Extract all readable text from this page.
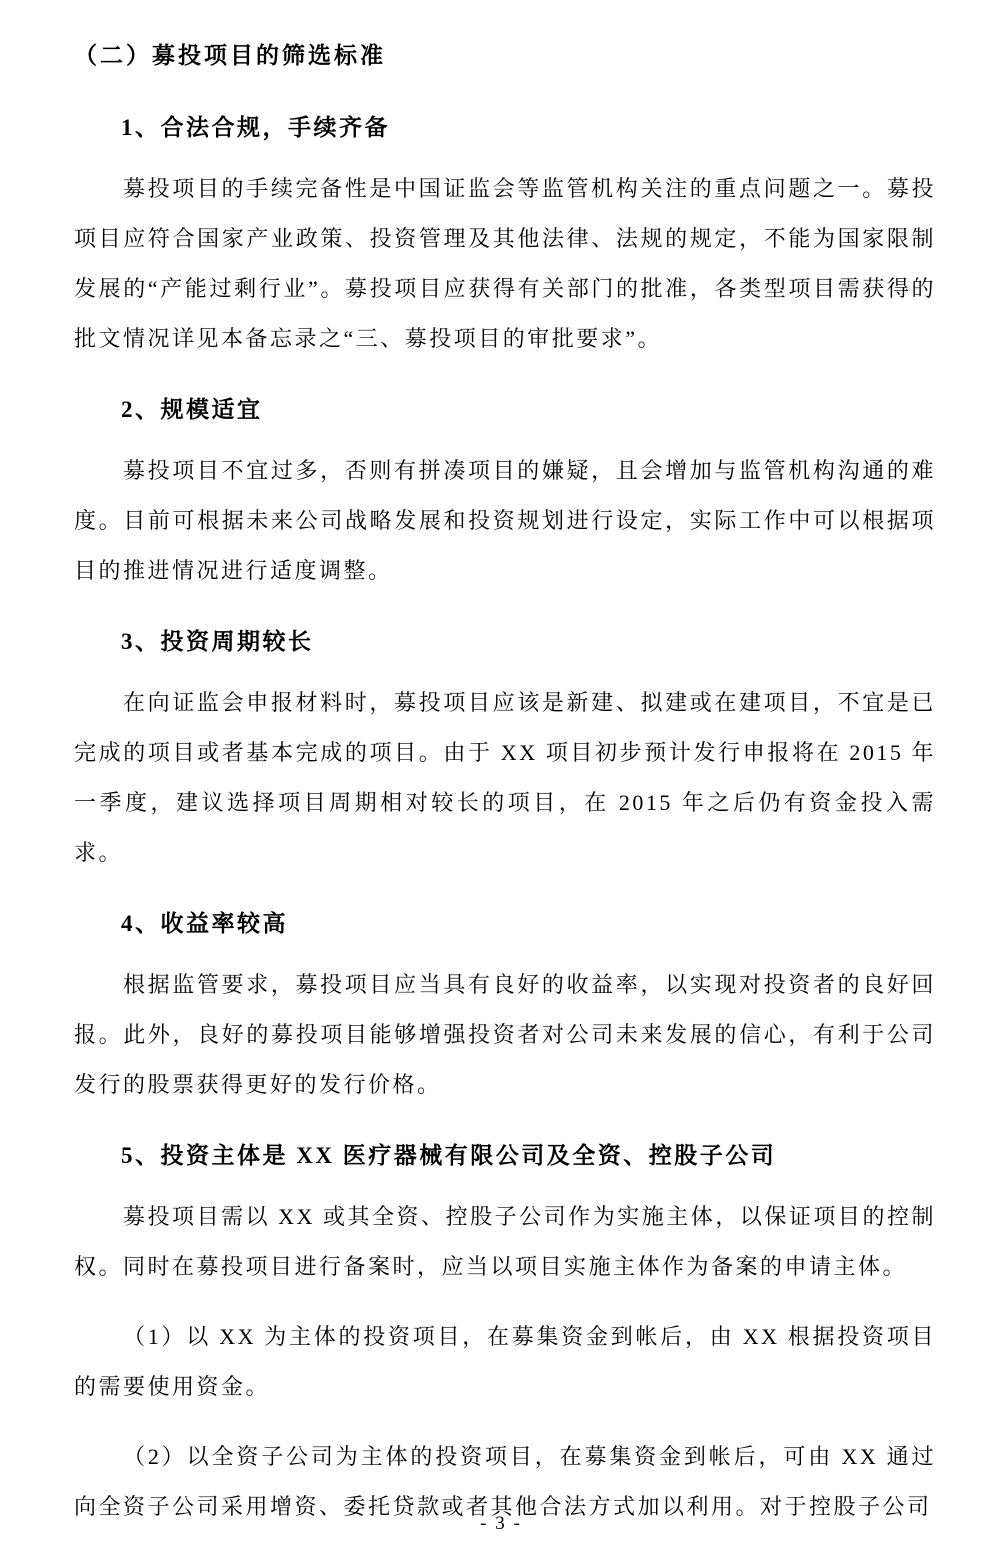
（二）募投项目的筛选标准
1、合法合规，手续齐备

募投项目的手续完备性是中国证监会等监管机构关注的重点问题之一。募投项目应符合国家产业政策、投资管理及其他法律、法规的规定，不能为国家限制发展的“产能过剩行业”。募投项目应获得有关部门的批准，各类型项目需获得的批文情况详见本备忘录之“三、募投项目的审批要求”。

2、规模适宜

募投项目不宜过多，否则有拼凑项目的嫌疑，且会增加与监管机构沟通的难度。目前可根据未来公司战略发展和投资规划进行设定，实际工作中可以根据项目的推进情况进行适度调整。

3、投资周期较长

在向证监会申报材料时，募投项目应该是新建、拟建或在建项目，不宜是已完成的项目或者基本完成的项目。由于 XX 项目初步预计发行申报将在 2015 年一季度，建议选择项目周期相对较长的项目，在 2015 年之后仍有资金投入需求。

4、收益率较高

根据监管要求，募投项目应当具有良好的收益率，以实现对投资者的良好回报。此外，良好的募投项目能够增强投资者对公司未来发展的信心，有利于公司发行的股票获得更好的发行价格。

5、投资主体是 XX 医疗器械有限公司及全资、控股子公司

募投项目需以 XX 或其全资、控股子公司作为实施主体，以保证项目的控制权。同时在募投项目进行备案时，应当以项目实施主体作为备案的申请主体。

（1）以 XX 为主体的投资项目，在募集资金到帐后，由 XX 根据投资项目的需要使用资金。

（2）以全资子公司为主体的投资项目，在募集资金到帐后，可由 XX 通过向全资子公司采用增资、委托贷款或者其他合法方式加以利用。对于控股子公司

- 3 -
